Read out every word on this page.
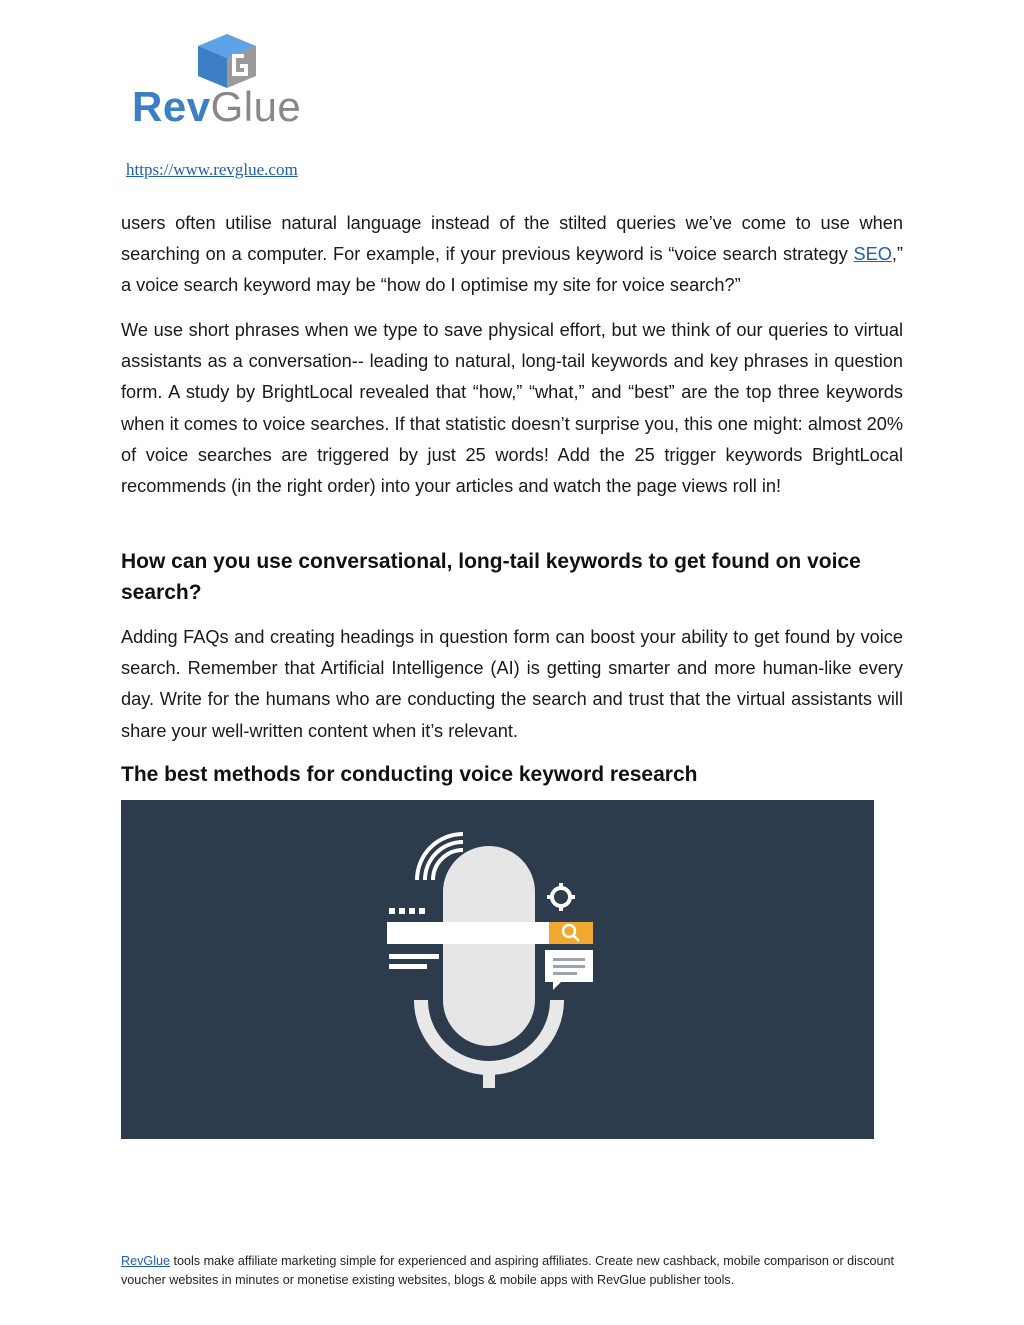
RevGlue
https://www.revglue.com

users often utilise natural language instead of the stilted queries we’ve come to use when searching on a computer. For example, if your previous keyword is “voice search strategy SEO,” a voice search keyword may be “how do I optimise my site for voice search?”

We use short phrases when we type to save physical effort, but we think of our queries to virtual assistants as a conversation-- leading to natural, long-tail keywords and key phrases in question form. A study by BrightLocal revealed that “how,” “what,” and “best” are the top three keywords when it comes to voice searches. If that statistic doesn’t surprise you, this one might: almost 20% of voice searches are triggered by just 25 words! Add the 25 trigger keywords BrightLocal recommends (in the right order) into your articles and watch the page views roll in!

How can you use conversational, long-tail keywords to get found on voice search?

Adding FAQs and creating headings in question form can boost your ability to get found by voice search. Remember that Artificial Intelligence (AI) is getting smarter and more human-like every day. Write for the humans who are conducting the search and trust that the virtual assistants will share your well-written content when it’s relevant.

The best methods for conducting voice keyword research

RevGlue tools make affiliate marketing simple for experienced and aspiring affiliates. Create new cashback, mobile comparison or discount voucher websites in minutes or monetise existing websites, blogs & mobile apps with RevGlue publisher tools.
